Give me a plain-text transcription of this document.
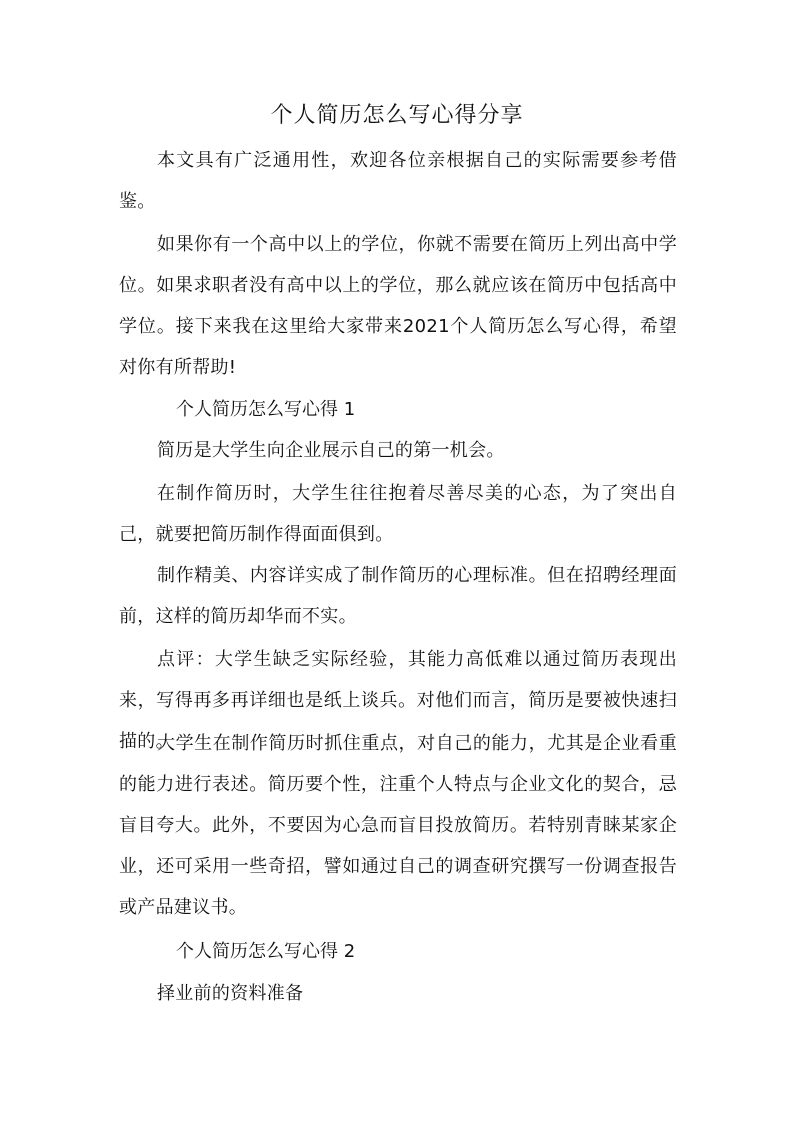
个人简历怎么写心得分享
本文具有广泛通用性，欢迎各位亲根据自己的实际需要参考借鉴。
如果你有一个高中以上的学位，你就不需要在简历上列出高中学位。如果求职者没有高中以上的学位，那么就应该在简历中包括高中学位。接下来我在这里给大家带来2021个人简历怎么写心得，希望对你有所帮助!
个人简历怎么写心得 1
简历是大学生向企业展示自己的第一机会。
在制作简历时，大学生往往抱着尽善尽美的心态，为了突出自己，就要把简历制作得面面俱到。
制作精美、内容详实成了制作简历的心理标准。但在招聘经理面前，这样的简历却华而不实。
点评：大学生缺乏实际经验，其能力高低难以通过简历表现出来，写得再多再详细也是纸上谈兵。对他们而言，简历是要被快速扫描的。
大学生在制作简历时抓住重点，对自己的能力，尤其是企业看重的能力进行表述。简历要个性，注重个人特点与企业文化的契合，忌盲目夸大。此外，不要因为心急而盲目投放简历。若特别青睐某家企业，还可采用一些奇招，譬如通过自己的调查研究撰写一份调查报告或产品建议书。
个人简历怎么写心得 2
择业前的资料准备
